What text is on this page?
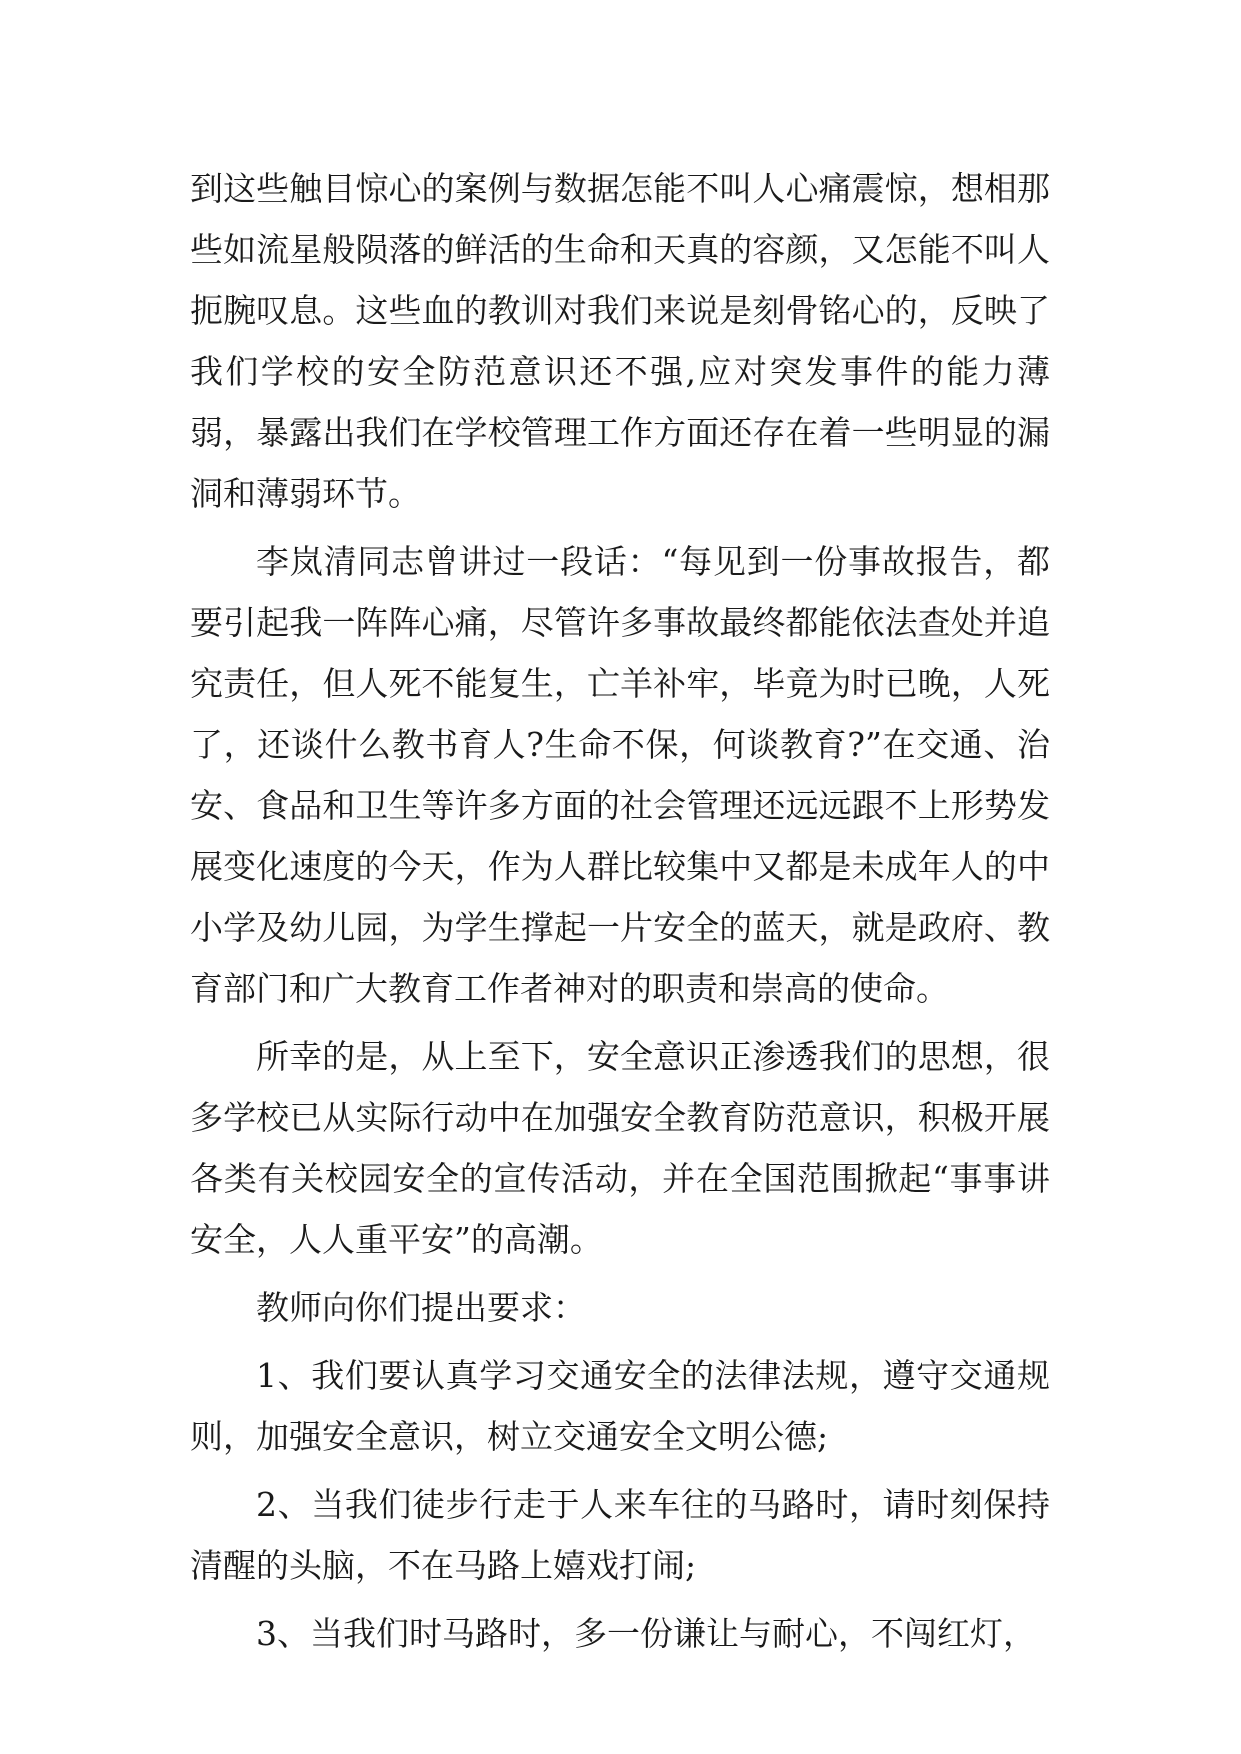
到这些触目惊心的案例与数据怎能不叫人心痛震惊，想相那些如流星般陨落的鲜活的生命和天真的容颜，又怎能不叫人扼腕叹息。这些血的教训对我们来说是刻骨铭心的，反映了我们学校的安全防范意识还不强,应对突发事件的能力薄弱，暴露出我们在学校管理工作方面还存在着一些明显的漏洞和薄弱环节。

李岚清同志曾讲过一段话：“每见到一份事故报告，都要引起我一阵阵心痛，尽管许多事故最终都能依法查处并追究责任，但人死不能复生，亡羊补牢，毕竟为时已晚，人死了，还谈什么教书育人?生命不保，何谈教育?”在交通、治安、食品和卫生等许多方面的社会管理还远远跟不上形势发展变化速度的今天，作为人群比较集中又都是未成年人的中小学及幼儿园，为学生撑起一片安全的蓝天，就是政府、教育部门和广大教育工作者神对的职责和崇高的使命。

所幸的是，从上至下，安全意识正渗透我们的思想，很多学校已从实际行动中在加强安全教育防范意识，积极开展各类有关校园安全的宣传活动，并在全国范围掀起“事事讲安全，人人重平安”的高潮。

教师向你们提出要求：

1、我们要认真学习交通安全的法律法规，遵守交通规则，加强安全意识，树立交通安全文明公德;

2、当我们徒步行走于人来车往的马路时，请时刻保持清醒的头脑，不在马路上嬉戏打闹;

3、当我们时马路时，多一份谦让与耐心，不闯红灯，
